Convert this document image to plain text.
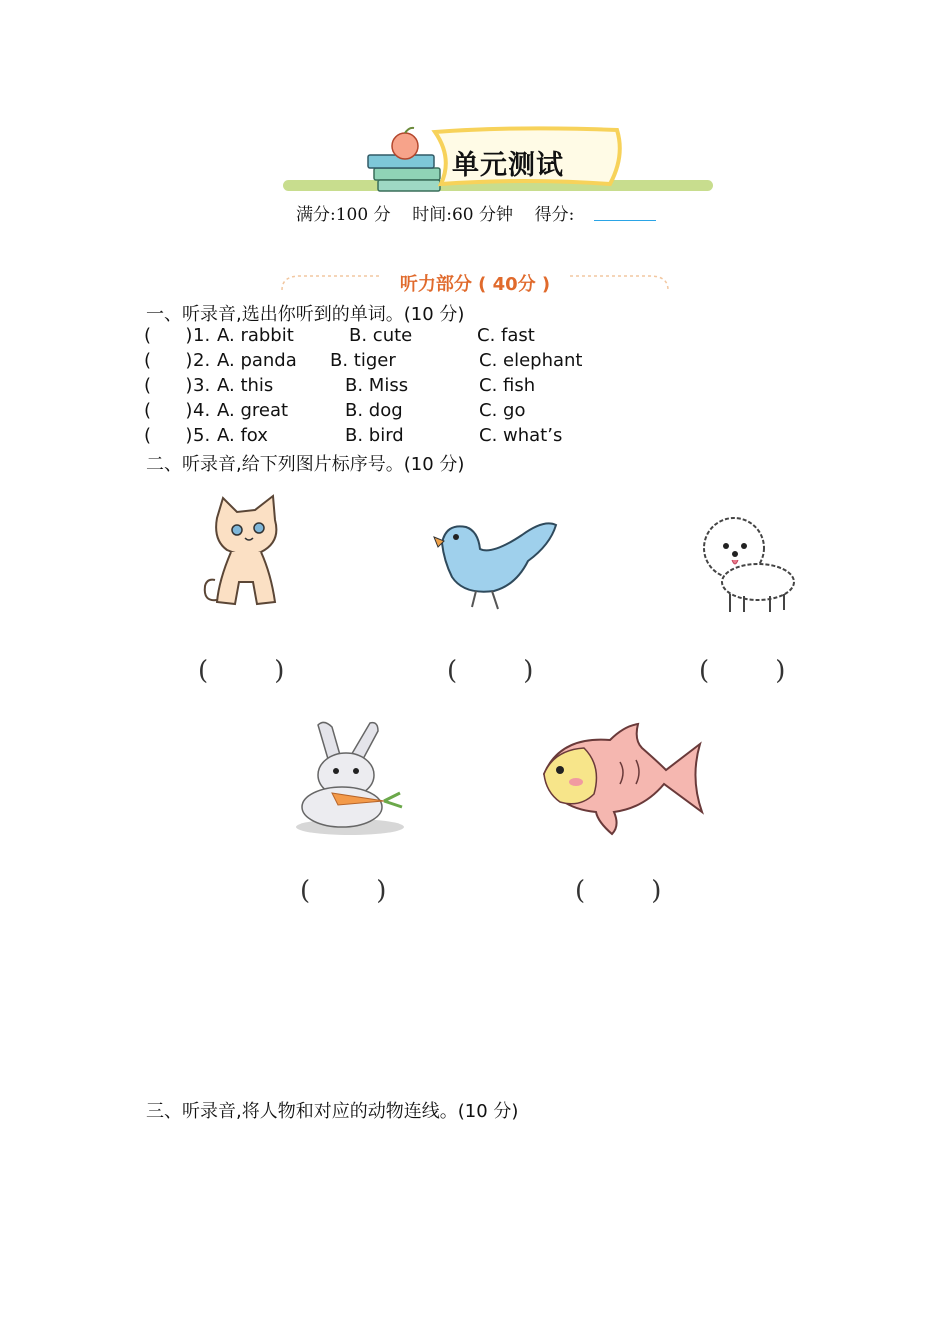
单元测试
满分:100 分 时间:60 分钟 得分:
听力部分 ( 40分 )
一、听录音,选出你听到的单词。(10 分)
(      ) 1. A. rabbit	B. cute	C. fast
(      ) 2. A. panda B. tiger	C. elephant
(      ) 3. A. this	B. Miss	C. fish
(      ) 4. A. great	B. dog	C. go
(      ) 5. A. fox	B. bird	C. what’s
二、听录音,给下列图片标序号。(10 分)
(        )	(        )	(        )
(        )	(        )
三、听录音,将人物和对应的动物连线。(10 分)
